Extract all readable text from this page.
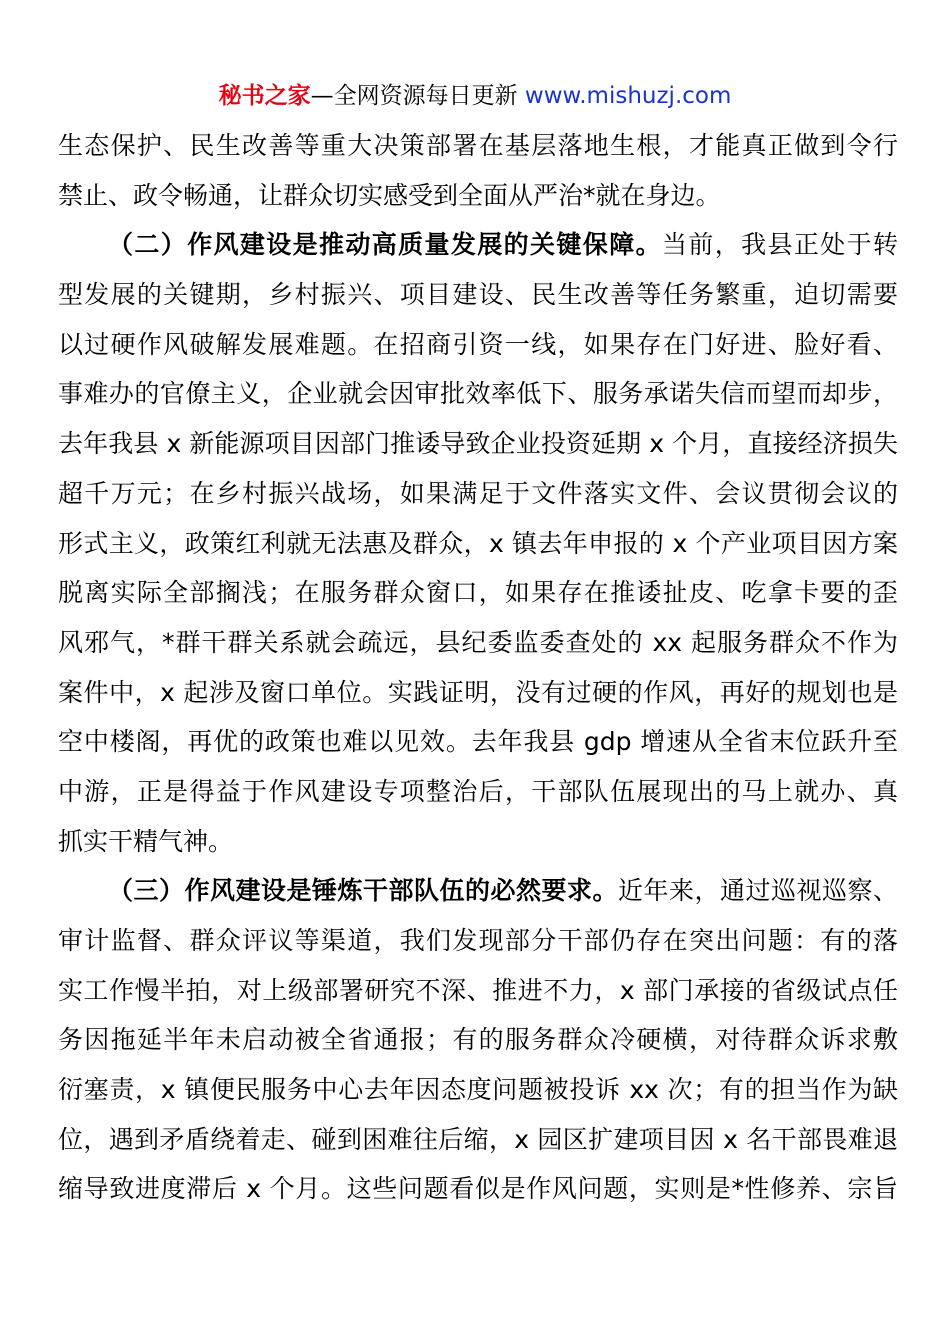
秘书之家—全网资源每日更新 www.mishuzj.com
生态保护、民生改善等重大决策部署在基层落地生根，才能真正做到令行
禁止、政令畅通，让群众切实感受到全面从严治*就在身边。
（二）作风建设是推动高质量发展的关键保障。当前，我县正处于转
型发展的关键期，乡村振兴、项目建设、民生改善等任务繁重，迫切需要
以过硬作风破解发展难题。在招商引资一线，如果存在门好进、脸好看、
事难办的官僚主义，企业就会因审批效率低下、服务承诺失信而望而却步，
去年我县 x 新能源项目因部门推诿导致企业投资延期 x 个月，直接经济损失
超千万元；在乡村振兴战场，如果满足于文件落实文件、会议贯彻会议的
形式主义，政策红利就无法惠及群众，x 镇去年申报的 x 个产业项目因方案
脱离实际全部搁浅；在服务群众窗口，如果存在推诿扯皮、吃拿卡要的歪
风邪气，*群干群关系就会疏远，县纪委监委查处的 xx 起服务群众不作为
案件中，x 起涉及窗口单位。实践证明，没有过硬的作风，再好的规划也是
空中楼阁，再优的政策也难以见效。去年我县 gdp 增速从全省末位跃升至
中游，正是得益于作风建设专项整治后，干部队伍展现出的马上就办、真
抓实干精气神。
（三）作风建设是锤炼干部队伍的必然要求。近年来，通过巡视巡察、
审计监督、群众评议等渠道，我们发现部分干部仍存在突出问题：有的落
实工作慢半拍，对上级部署研究不深、推进不力，x 部门承接的省级试点任
务因拖延半年未启动被全省通报；有的服务群众冷硬横，对待群众诉求敷
衍塞责，x 镇便民服务中心去年因态度问题被投诉 xx 次；有的担当作为缺
位，遇到矛盾绕着走、碰到困难往后缩，x 园区扩建项目因 x 名干部畏难退
缩导致进度滞后 x 个月。这些问题看似是作风问题，实则是*性修养、宗旨
